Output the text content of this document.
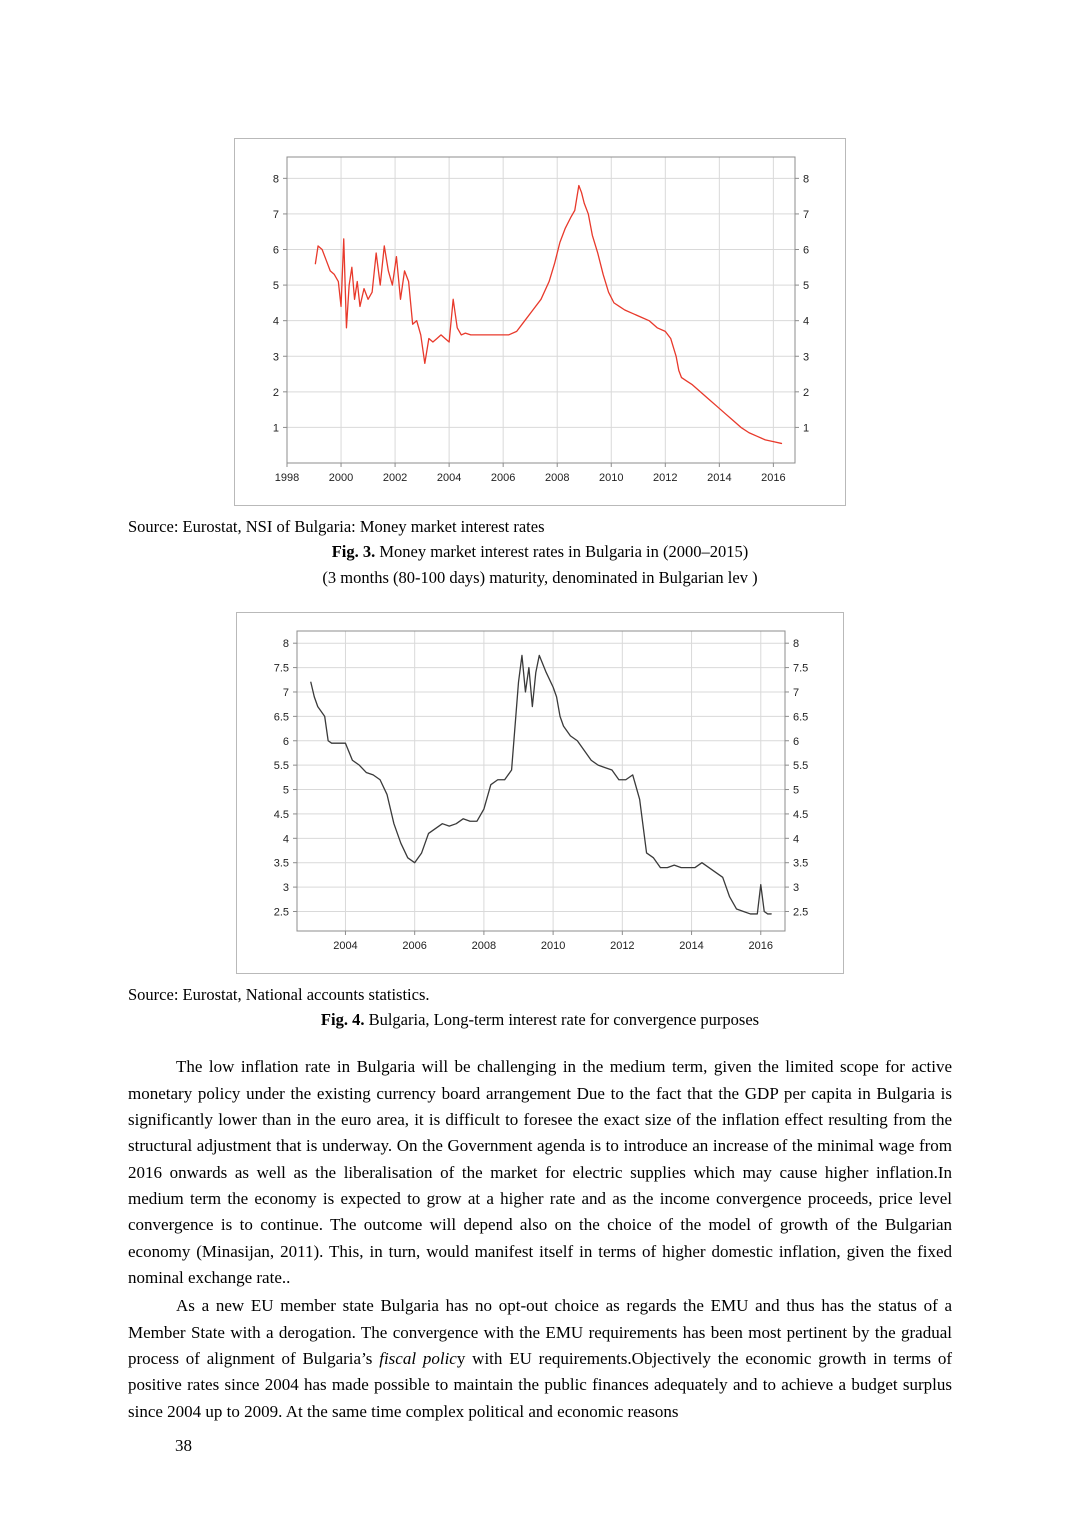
1	1
2	2
3	3
4	4
5	5
6	6
7	7
8	8
1998	2000	2002	2004	2006	2008	2010	2012	2014	2016
Source: Eurostat, NSI of Bulgaria: Money market interest rates
Fig. 3. Money market interest rates in Bulgaria in (2000–2015)
(3 months (80-100 days) maturity, denominated in Bulgarian lev )
2.5	2.5
3	3
3.5	3.5
4	4
4.5	4.5
5	5
5.5	5.5
6	6
6.5	6.5
7	7
7.5	7.5
8	8
2004	2006	2008	2010	2012	2014	2016
Source: Eurostat, National accounts statistics.
Fig. 4. Bulgaria, Long-term interest rate for convergence purposes

The low inflation rate in Bulgaria will be challenging in the medium term, given the limited scope for active monetary policy under the existing currency board arrangement Due to the fact that the GDP per capita in Bulgaria is significantly lower than in the euro area, it is difficult to foresee the exact size of the inflation effect resulting from the structural adjustment that is underway. On the Government agenda is to introduce an increase of the minimal wage from 2016 onwards as well as the liberalisation of the market for electric supplies which may cause higher inflation.In medium term the economy is expected to grow at a higher rate and as the income convergence proceeds, price level convergence is to continue. The outcome will depend also on the choice of the model of growth of the Bulgarian economy (Minasijan, 2011). This, in turn, would manifest itself in terms of higher domestic inflation, given the fixed nominal exchange rate..

As a new EU member state Bulgaria has no opt-out choice as regards the EMU and thus has the status of a Member State with a derogation. The convergence with the EMU requirements has been most pertinent by the gradual process of alignment of Bulgaria’s fiscal policy with EU requirements.Objectively the economic growth in terms of positive rates since 2004 has made possible to maintain the public finances adequately and to achieve a budget surplus since 2004 up to 2009. At the same time complex political and economic reasons

38
